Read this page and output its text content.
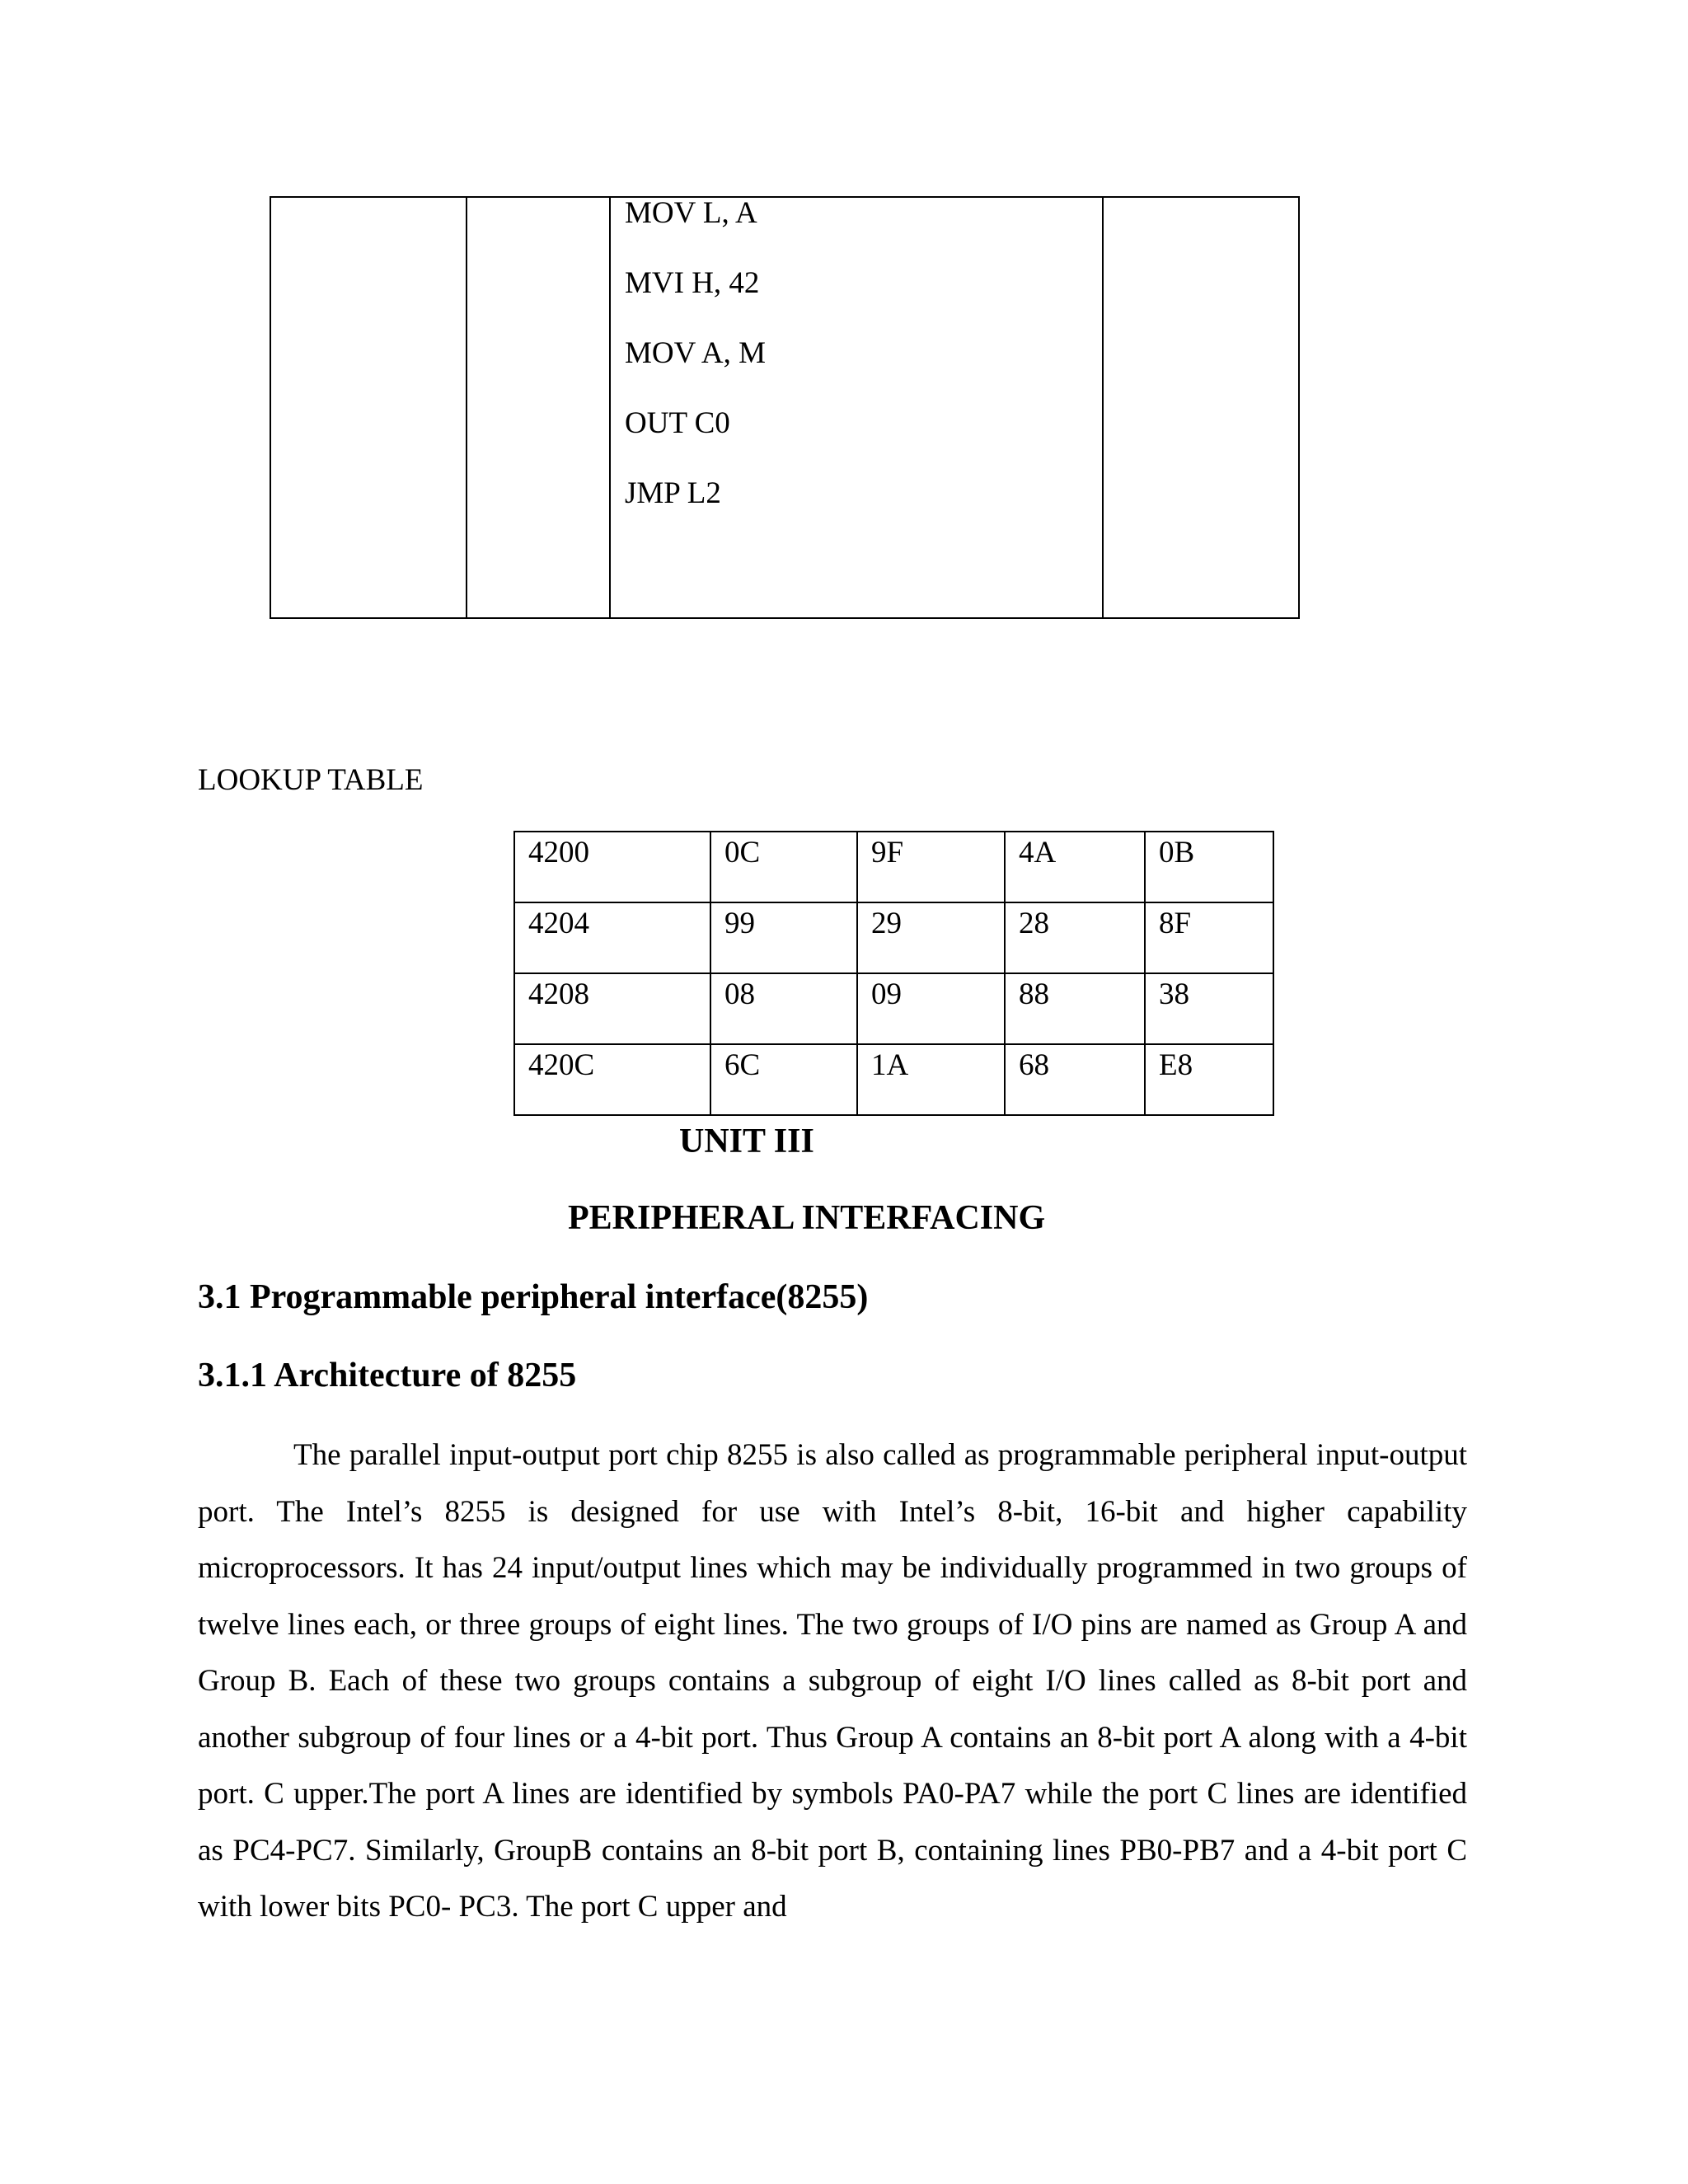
MOV L, A
MVI H, 42
MOV A, M
OUT C0
JMP L2

LOOKUP TABLE
4200	0C	9F	4A	0B
4204	99	29	28	8F
4208	08	09	88	38
420C	6C	1A	68	E8
UNIT III
PERIPHERAL INTERFACING
3.1 Programmable peripheral interface(8255)
3.1.1 Architecture of 8255

The parallel input-output port chip 8255 is also called as programmable peripheral input-output port. The Intel’s 8255 is designed for use with Intel’s 8-bit, 16-bit and higher capability microprocessors. It has 24 input/output lines which may be individually programmed in two groups of twelve lines each, or three groups of eight lines. The two groups of I/O pins are named as Group A and Group B. Each of these two groups contains a subgroup of eight I/O lines called as 8-bit port and another subgroup of four lines or a 4-bit port. Thus Group A contains an 8-bit port A along with a 4-bit port. C upper.The port A lines are identified by symbols PA0-PA7 while the port C lines are identified as PC4-PC7. Similarly, GroupB contains an 8-bit port B, containing lines PB0-PB7 and a 4-bit port C with lower bits PC0- PC3. The port C upper and
